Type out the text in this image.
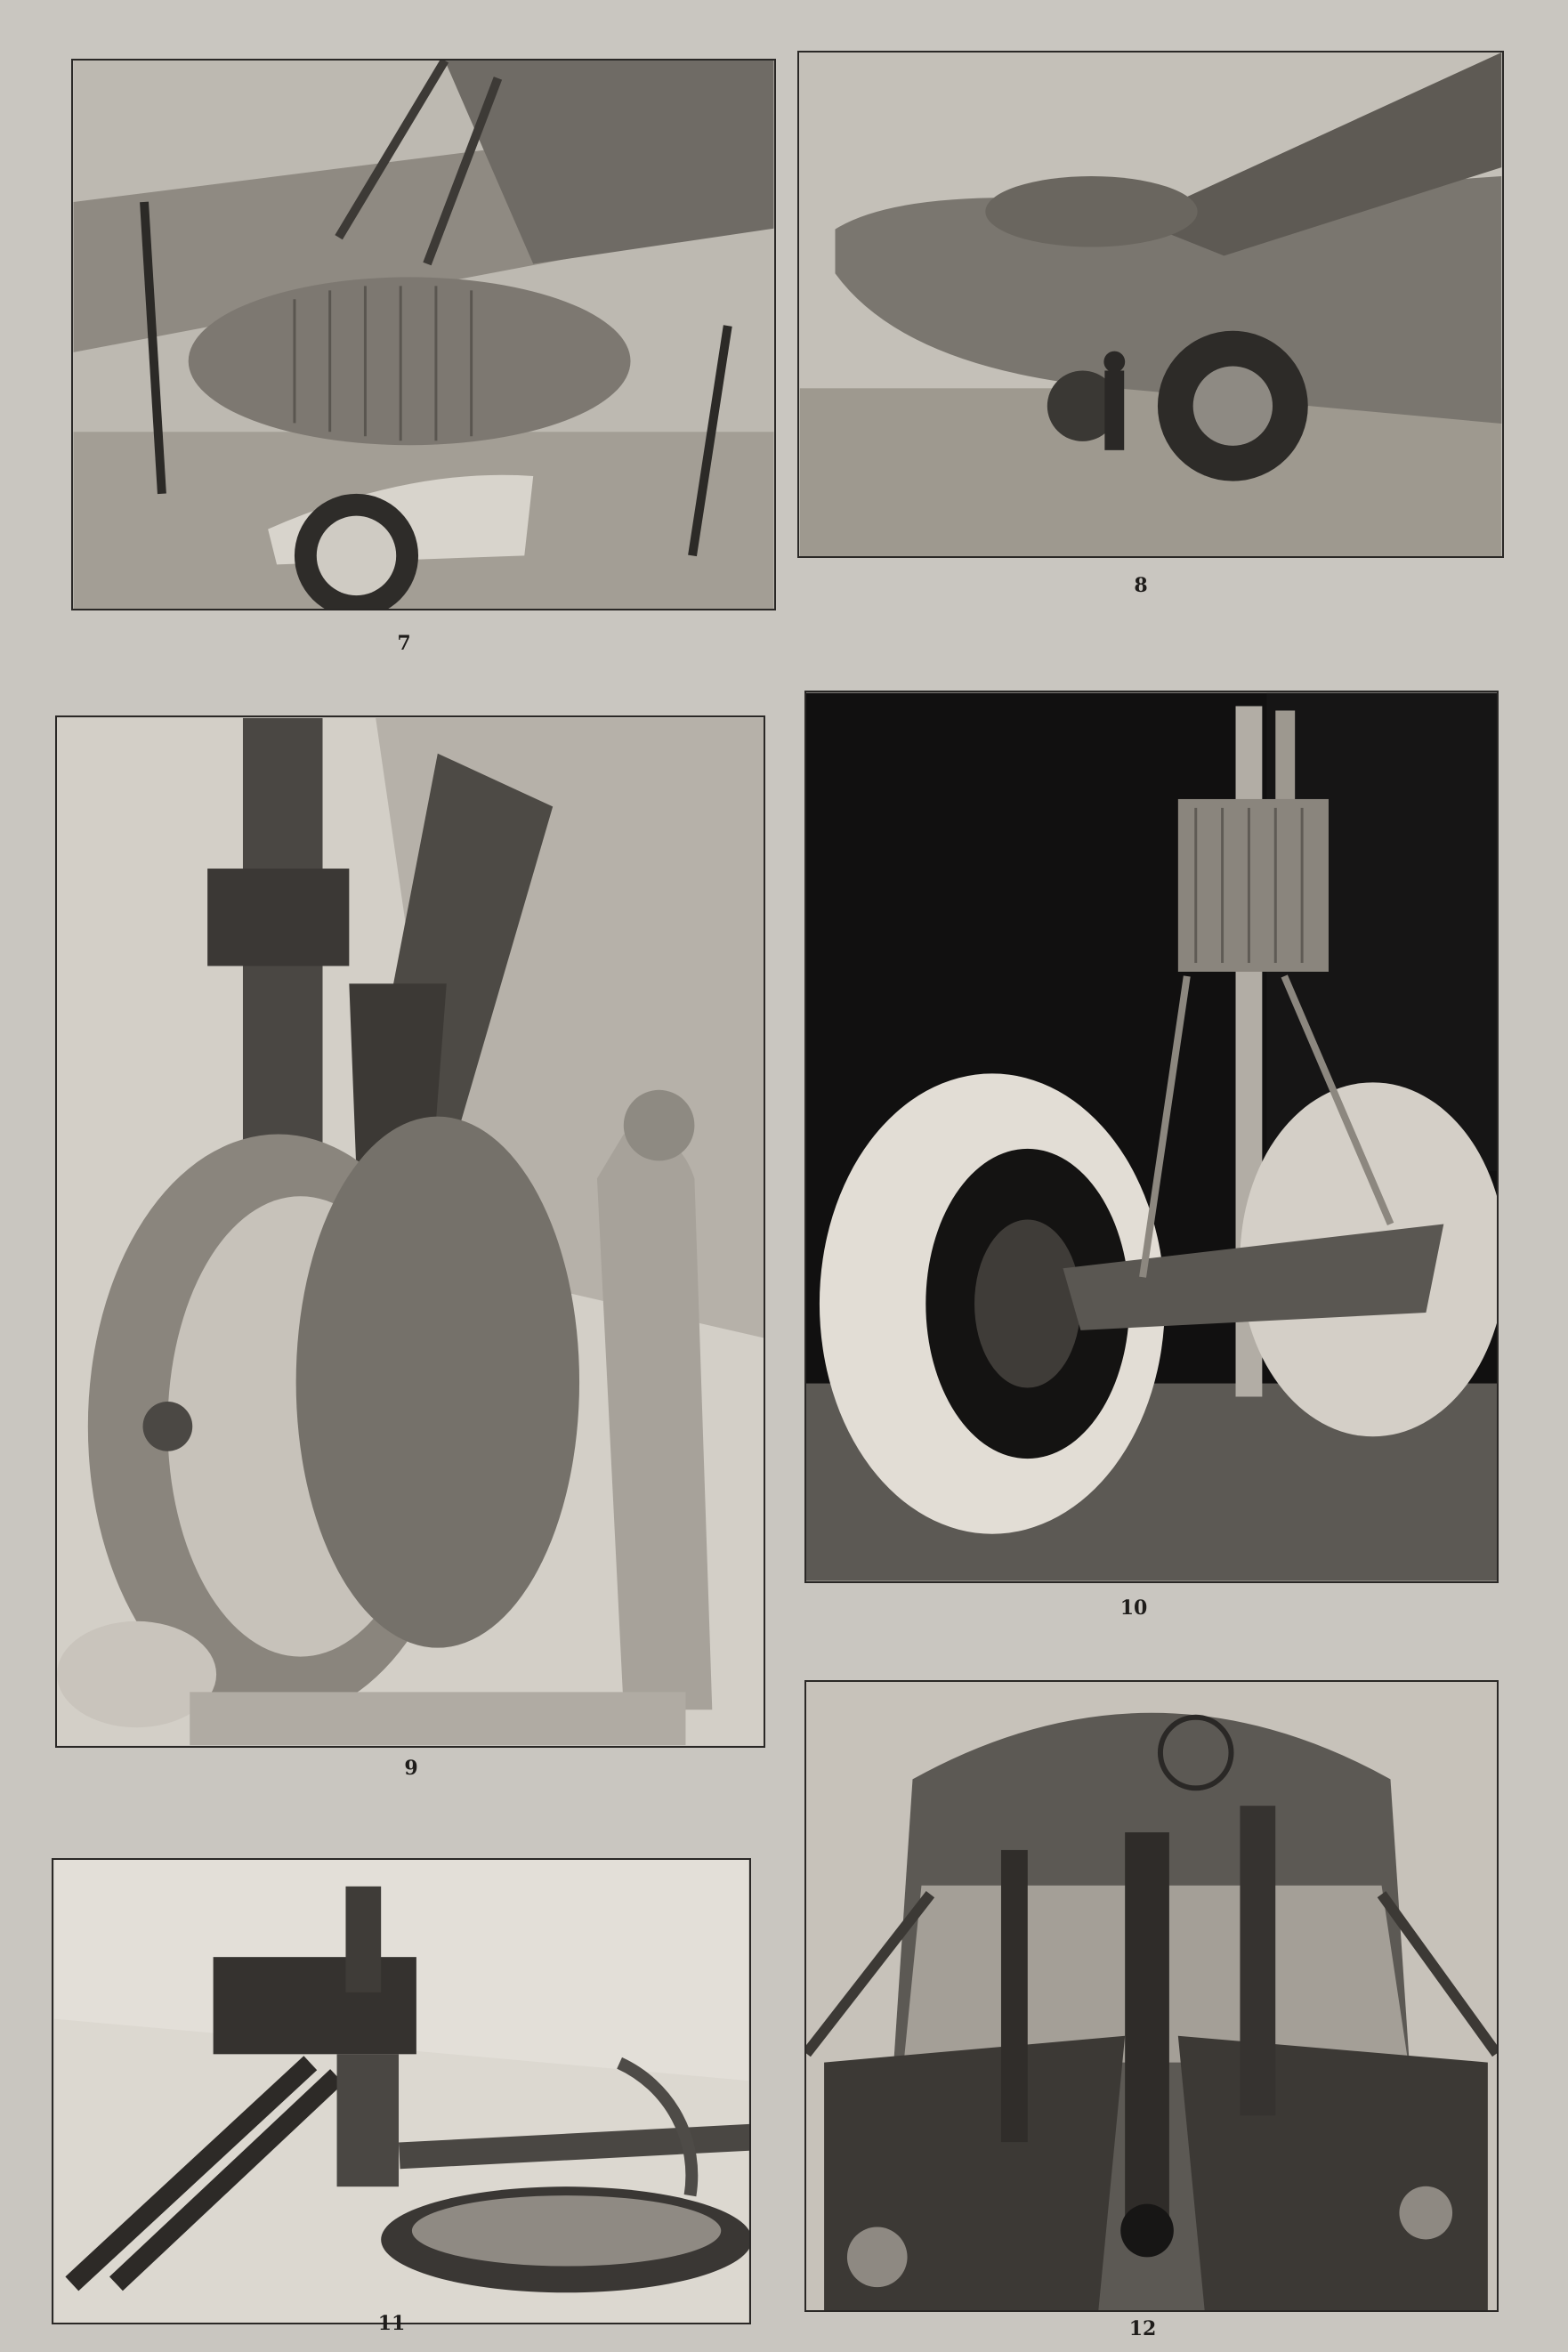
7
8
9
10
11	12
